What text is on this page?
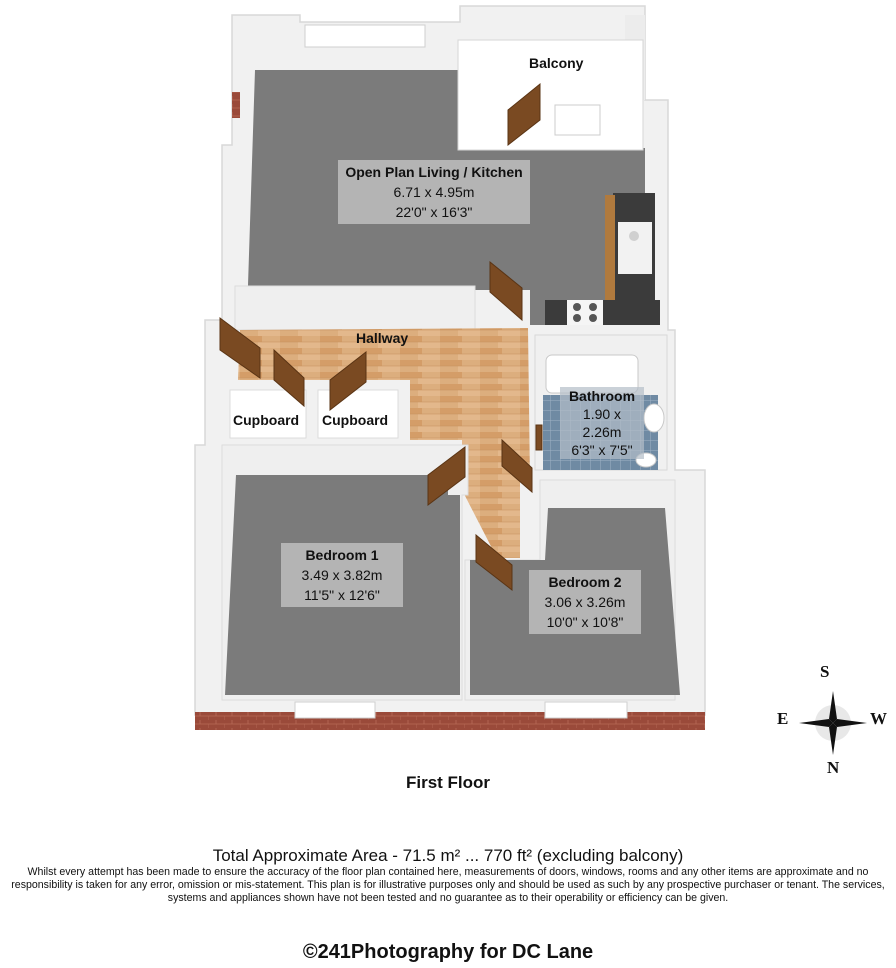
Balcony
Open Plan Living / Kitchen
6.71 x 4.95m
22'0" x 16'3"
Hallway
Bathroom
1.90 x 2.26m
6'3" x 7'5"
Cupboard Cupboard
Bedroom 1
3.49 x 3.82m
11'5" x 12'6"
Bedroom 2
3.06 x 3.26m
10'0" x 10'8"
S
E	W
N
First Floor
Total Approximate Area - 71.5 m² ... 770 ft² (excluding balcony)
Whilst every attempt has been made to ensure the accuracy of the floor plan contained here, measurements of doors, windows, rooms and any other items are approximate and no responsibility is taken for any error, omission or mis-statement. This plan is for illustrative purposes only and should be used as such by any prospective purchaser or tenant. The services, systems and appliances shown have not been tested and no guarantee as to their operability or efficiency can be given.
©241Photography for DC Lane
